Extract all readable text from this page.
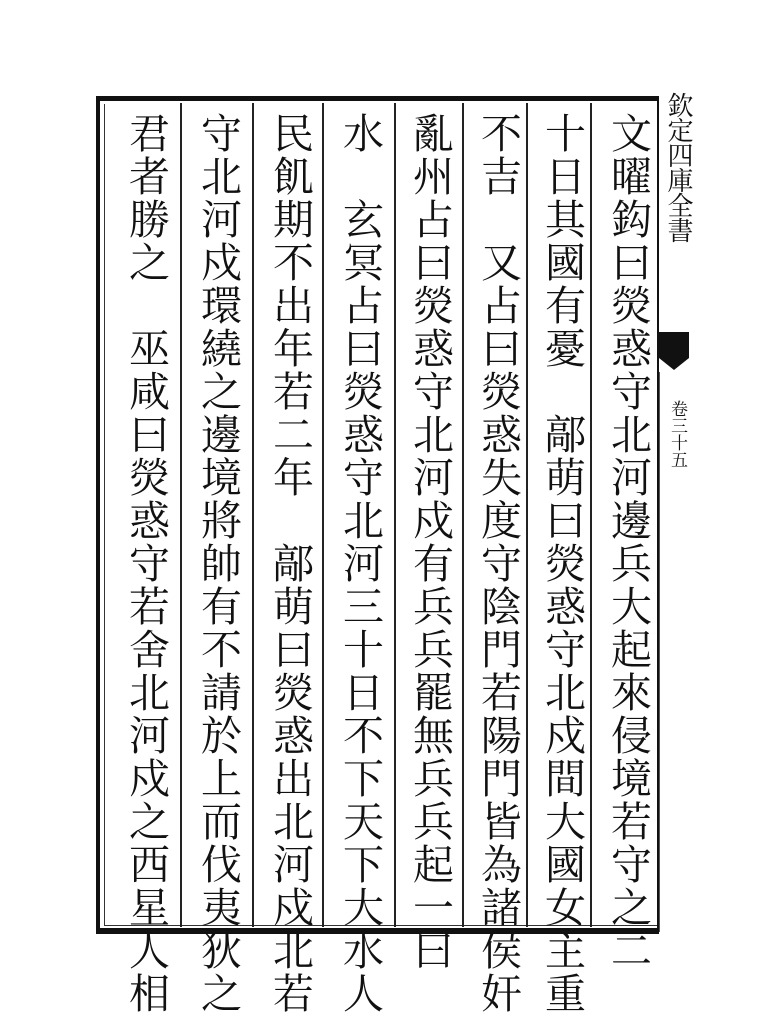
文曜鈎曰熒惑守北河邊兵大起來侵境若守之二
十日其國有憂　鄗萌曰熒惑守北戍間大國女主重
不吉　又占曰熒惑失度守陰門若陽門皆為諸侯奸
亂州占曰熒惑守北河戍有兵兵罷無兵兵起一曰
水　玄冥占曰熒惑守北河三十日不下天下大水人
民飢期不出年若二年　鄗萌曰熒惑出北河戍北若
守北河戍環繞之邊境將帥有不請於上而伐夷狄之
君者勝之　巫咸曰熒惑守若舍北河戍之西星人相	欽定四庫全書
卷三十五
